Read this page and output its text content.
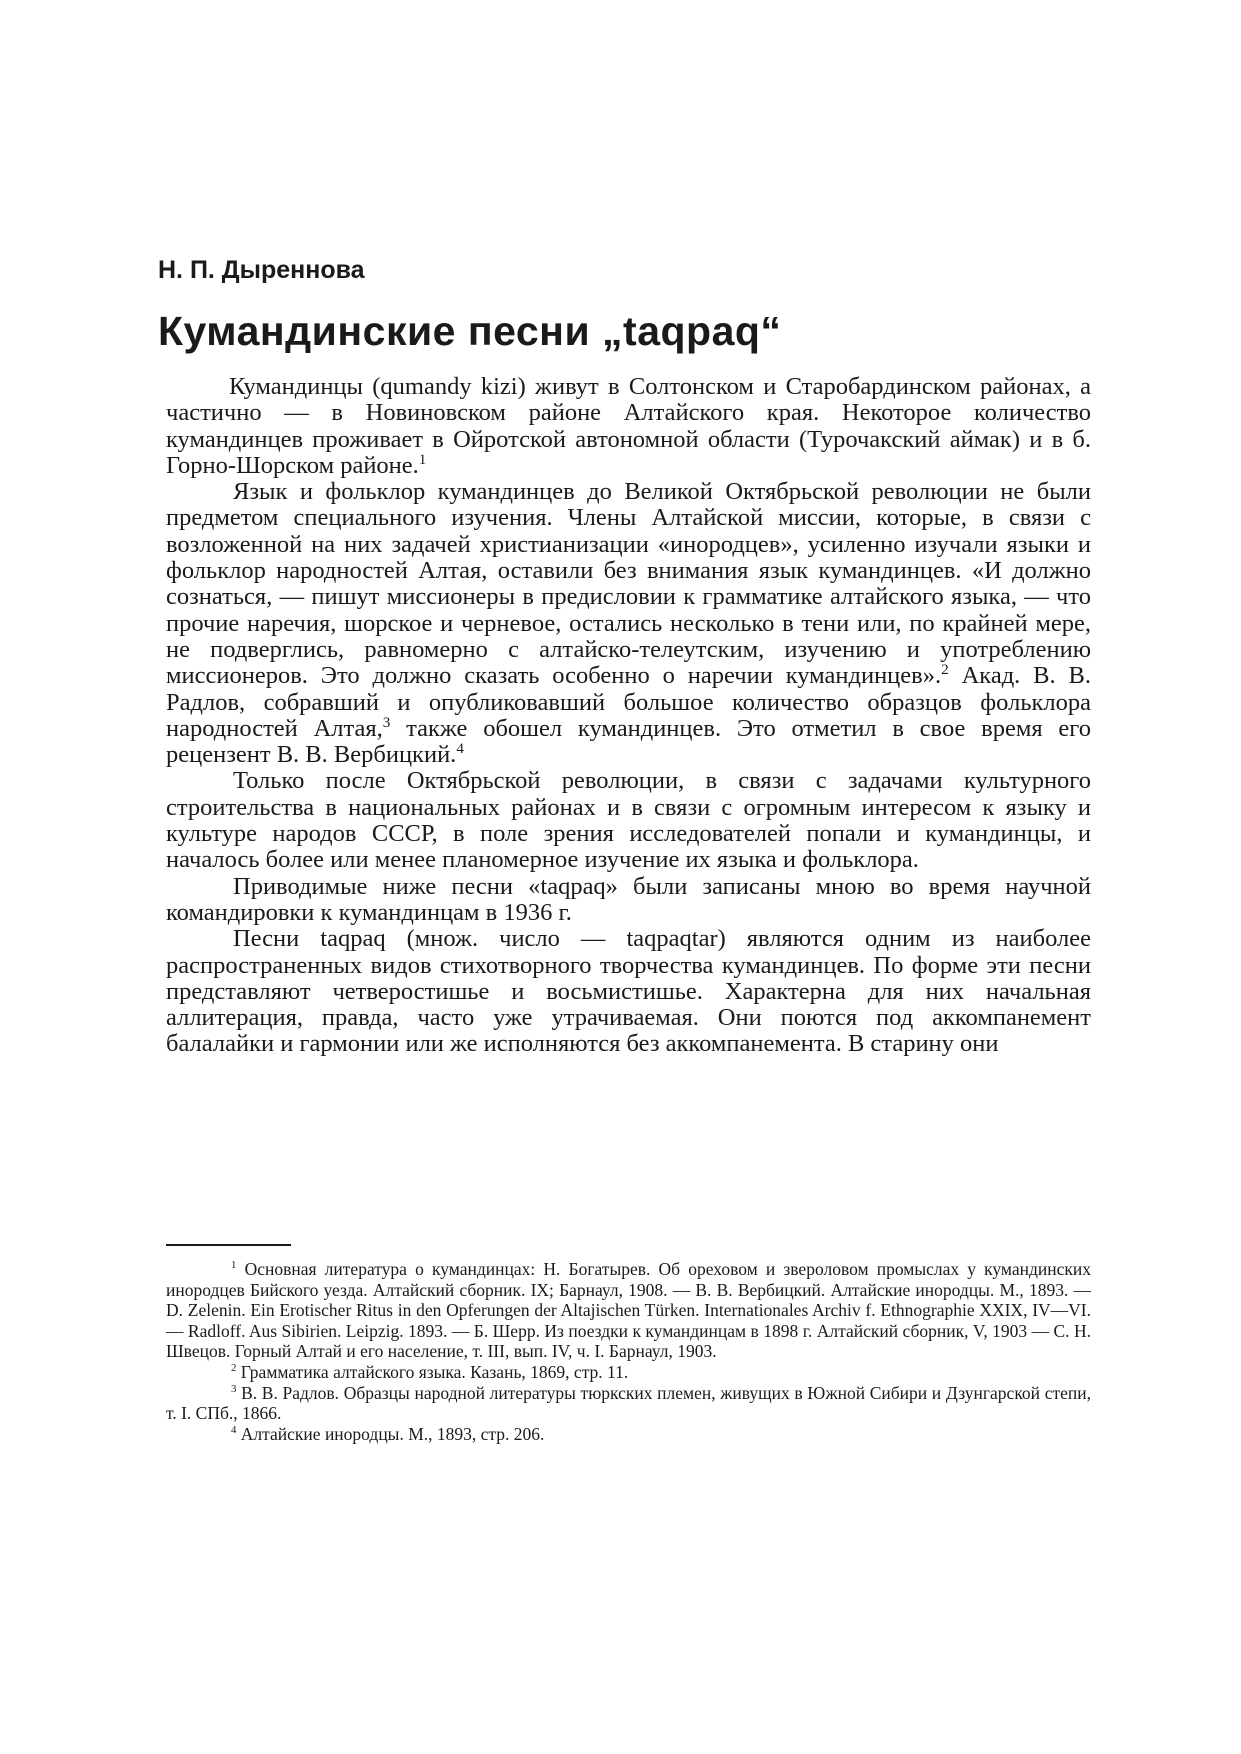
Н. П. Дыреннова
Кумандинские песни „taqpaq“

Кумандинцы (qumandy kizi) живут в Солтонском и Старобардинском районах, а частично — в Новиновском районе Алтайского края. Некоторое количество кумандинцев проживает в Ойротской автономной области (Турочакский аймак) и в б. Горно-Шорском районе.$^1$

Язык и фольклор кумандинцев до Великой Октябрьской революции не были предметом специального изучения. Члены Алтайской миссии, которые, в связи с возложенной на них задачей христианизации «инородцев», усиленно изучали языки и фольклор народностей Алтая, оставили без внимания язык кумандинцев. «И должно сознаться, — пишут миссионеры в предисловии к грамматике алтайского языка, — что прочие наречия, шорское и черневое, остались несколько в тени или, по крайней мере, не подверглись, равномерно с алтайско-телеутским, изучению и употреблению миссионеров. Это должно сказать особенно о наречии кумандинцев».$^2$ Акад. В. В. Радлов, собравший и опубликовавший большое количество образцов фольклора народностей Алтая,$^3$ также обошел кумандинцев. Это отметил в свое время его рецензент В. В. Вербицкий.$^4$

Только после Октябрьской революции, в связи с задачами культурного строительства в национальных районах и в связи с огромным интересом к языку и культуре народов СССР, в поле зрения исследователей попали и кумандинцы, и началось более или менее планомерное изучение их языка и фольклора.

Приводимые ниже песни «taqpaq» были записаны мною во время научной командировки к кумандинцам в 1936 г.

Песни taqpaq (множ. число — taqpaqtar) являются одним из наиболее распространенных видов стихотворного творчества кумандинцев. По форме эти песни представляют четверостишье и восьмистишье. Характерна для них начальная аллитерация, правда, часто уже утрачиваемая. Они поются под аккомпанемент балалайки и гармонии или же исполняются без аккомпанемента. В старину они

$^1$ Основная литература о кумандинцах: Н. Богатырев. Об ореховом и звероловом промыслах у кумандинских инородцев Бийского уезда. Алтайский сборник. IX; Барнаул, 1908. — В. В. Вербицкий. Алтайские инородцы. М., 1893. — D. Zelenin. Ein Erotischer Ritus in den Opferungen der Altajischen Türken. Internationales Archiv f. Ethnographie XXIX, IV—VI. — Radloff. Aus Sibirien. Leipzig. 1893. — Б. Шерр. Из поездки к кумандинцам в 1898 г. Алтайский сборник, V, 1903 — С. Н. Швецов. Горный Алтай и его население, т. III, вып. IV, ч. I. Барнаул, 1903.

$^2$ Грамматика алтайского языка. Казань, 1869, стр. 11.

$^3$ В. В. Радлов. Образцы народной литературы тюркских племен, живущих в Южной Сибири и Дзунгарской степи, т. I. СПб., 1866.

$^4$ Алтайские инородцы. М., 1893, стр. 206.
